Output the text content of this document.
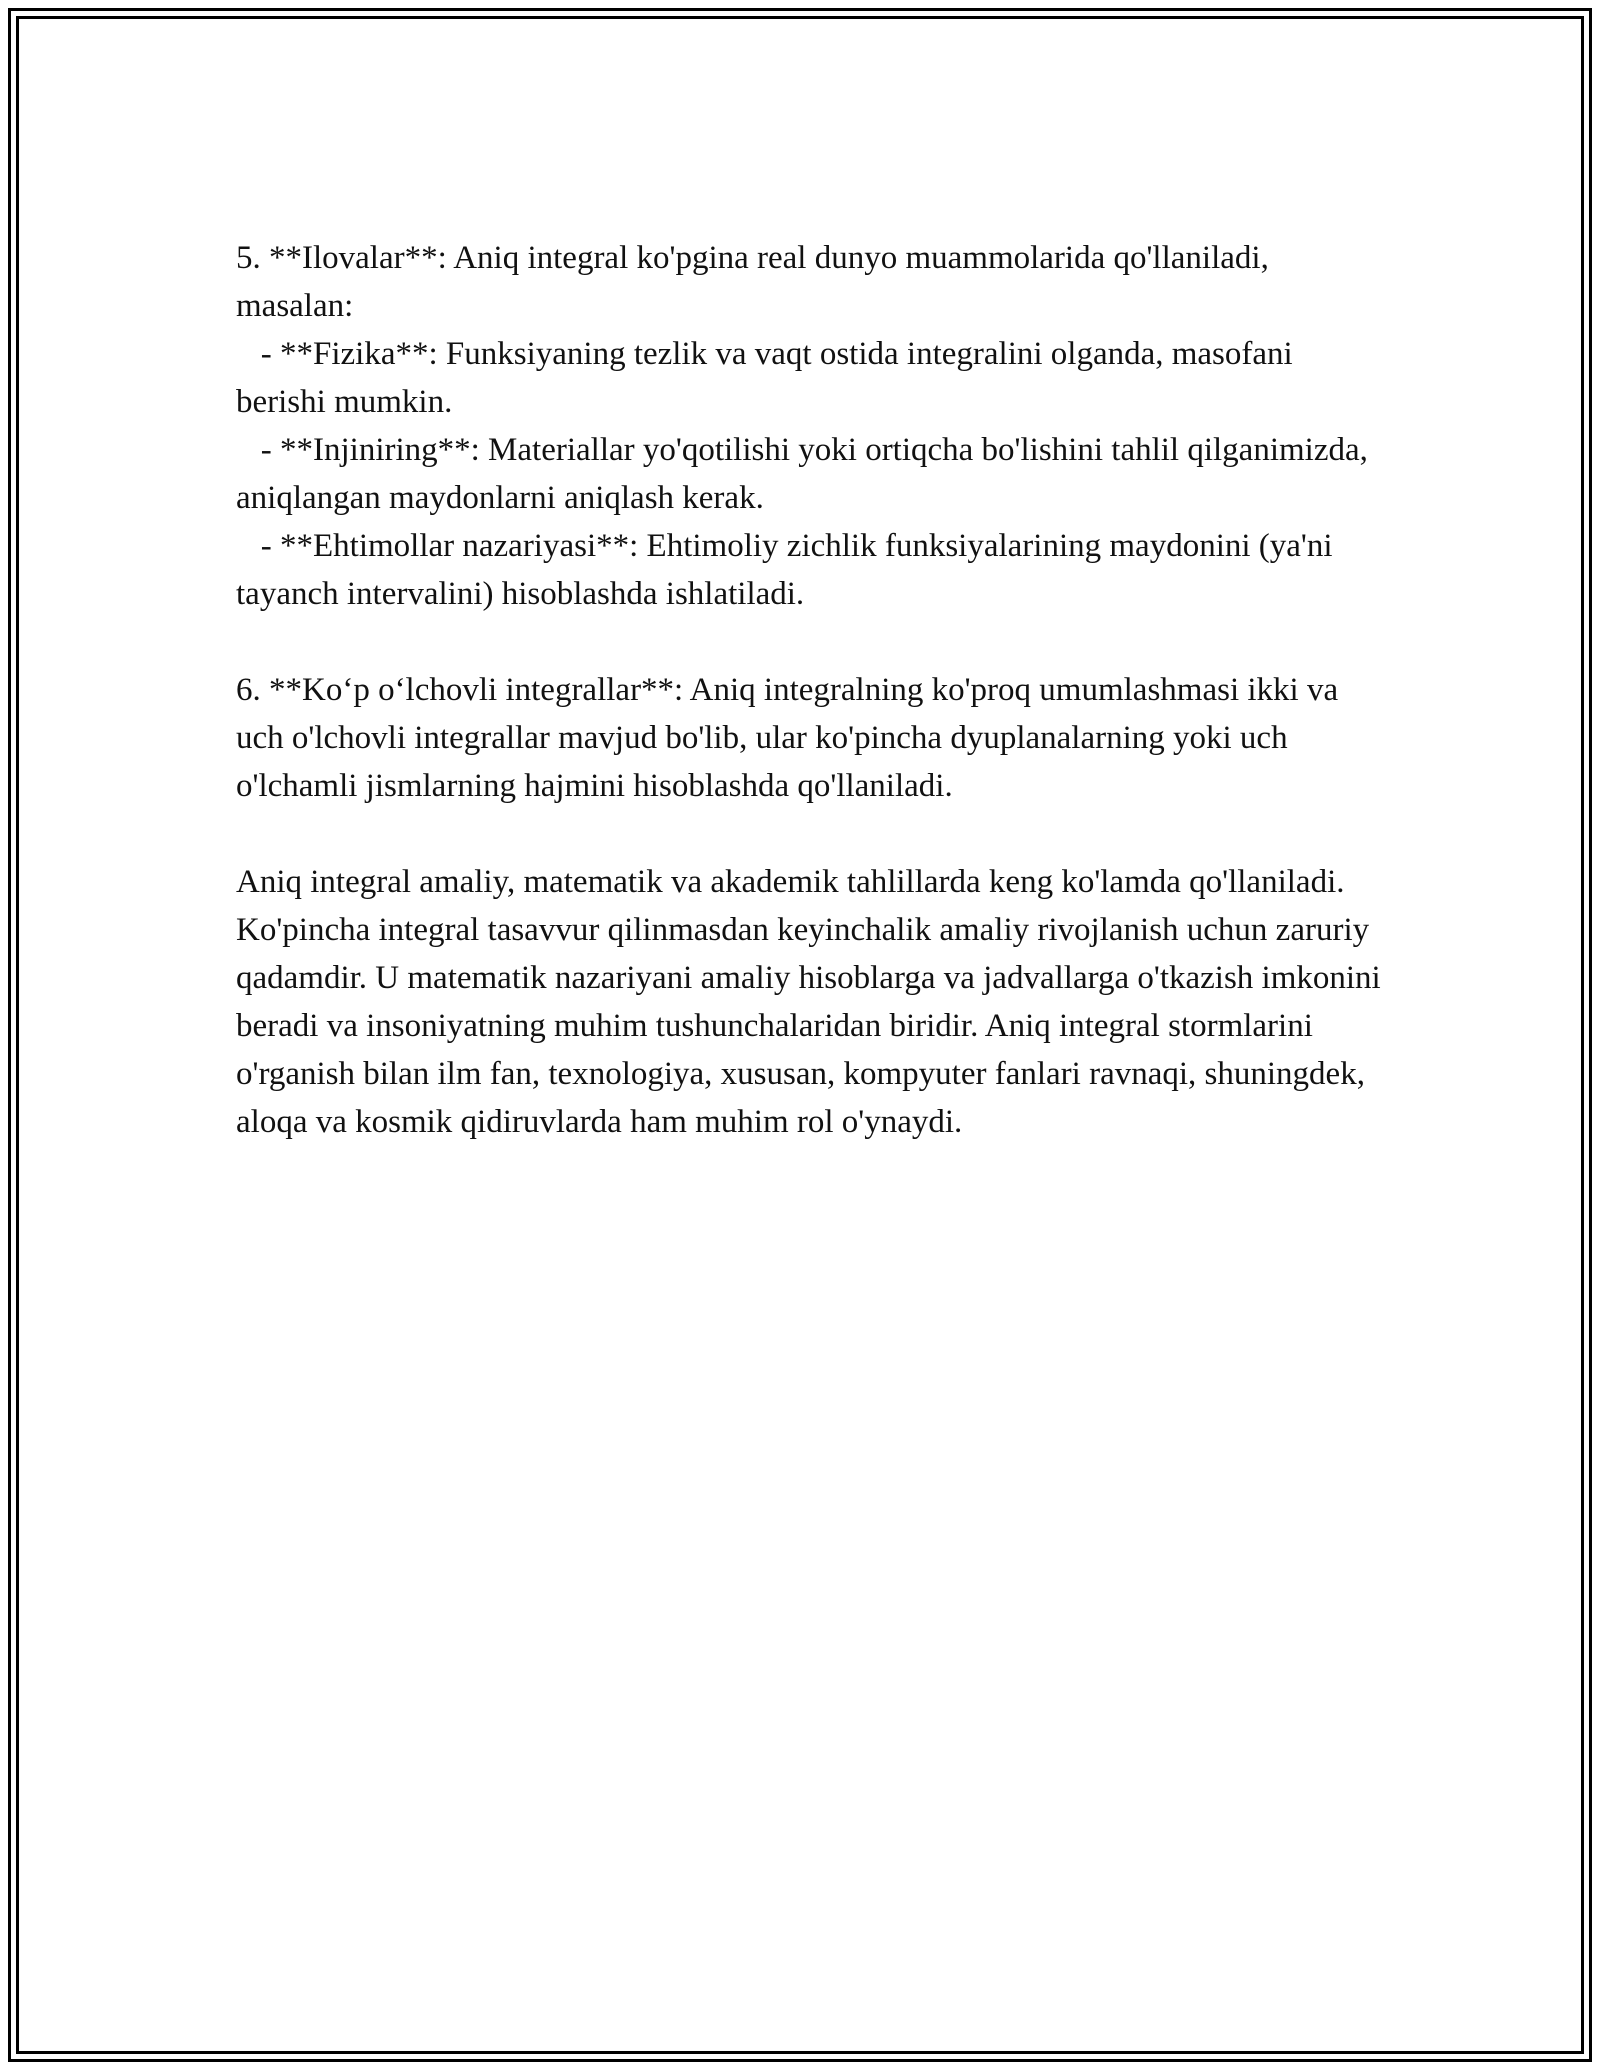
5. **Ilovalar**: Aniq integral ko'pgina real dunyo muammolarida qo'llaniladi, masalan:

- **Fizika**: Funksiyaning tezlik va vaqt ostida integralini olganda, masofani berishi mumkin.

- **Injiniring**: Materiallar yo'qotilishi yoki ortiqcha bo'lishini tahlil qilganimizda, aniqlangan maydonlarni aniqlash kerak.

- **Ehtimollar nazariyasi**: Ehtimoliy zichlik funksiyalarining maydonini (ya'ni tayanch intervalini) hisoblashda ishlatiladi.

6. **Ko‘p o‘lchovli integrallar**: Aniq integralning ko'proq umumlashmasi ikki va uch o'lchovli integrallar mavjud bo'lib, ular ko'pincha dyuplanalarning yoki uch o'lchamli jismlarning hajmini hisoblashda qo'llaniladi.

Aniq integral amaliy, matematik va akademik tahlillarda keng ko'lamda qo'llaniladi. Ko'pincha integral tasavvur qilinmasdan keyinchalik amaliy rivojlanish uchun zaruriy qadamdir. U matematik nazariyani amaliy hisoblarga va jadvallarga o'tkazish imkonini beradi va insoniyatning muhim tushunchalaridan biridir. Aniq integral stormlarini o'rganish bilan ilm fan, texnologiya, xususan, kompyuter fanlari ravnaqi, shuningdek, aloqa va kosmik qidiruvlarda ham muhim rol o'ynaydi.
